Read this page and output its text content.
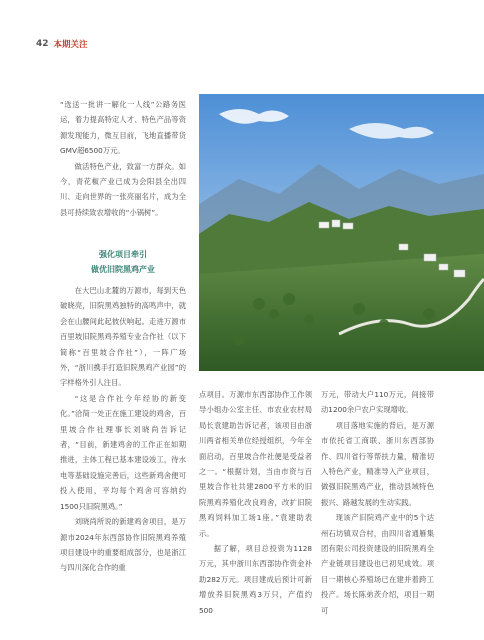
42 本期关注

“选送一批讲一解化一人线”公路务医运，着力提高特定人才、特色产品等资源发现能力，微互目前，飞地直播带货GMV超6500万元。

做活特色产业，致富一方群众。如今，青花椒产业已成为会阳县全出四川、走向世界的一张亮丽名片，成为全县可持续致农增收的“小锅树”。

强化项目牵引
做优旧院黑鸡产业

在大巴山北麓的万源市，每到天色破晓亮，旧院黑鸡独特的高鸣声中，就会在山腰间此起彼伏响起。走进万源市百里坡旧院黑鸡养殖专业合作社（以下简称“百里坡合作社”），一阵广场外，“浙川携手打造旧院黑鸡产业园”的字样格外引人注目。

“这是合作社今年经协的新变化。”洽简一处正在施工建设的鸡舍，百里坡合作社理事长刘晓尚告诉记者，“目前，新建鸡舍的工作正在如期推进，主体工程已基本建设竣工，待水电等基础设施完善后，这些新鸡舍便可投入使用，平均每个鸡舍可容纳约1500只旧院黑鸡。”

刘晓尚所说的新建鸡舍项目，是万源市2024年东西部协作旧院黑鸡养殖项目建设中的重要组成部分，也是浙江与四川深化合作的重

点项目。万源市东西部协作工作领导小组办公室主任、市农业农村局局长袁建助告诉记者，该项目由浙川两省相关单位经授组织，今年全面启动，百里坡合作社便是受益者之一。“根据计划，当由市资与百里坡合作社共建2800平方米的旧院黑鸡养殖化改良鸡舍，改扩旧院黑鸡饲料加工场1座。”袁建助表示。

据了解，项目总投资为1128万元，其中浙川东西部协作资金补助282万元。项目建成后预计可新增放养旧院黑鸡3万只，产值约500

万元，带动大户110万元，间接带动1200余户农户实现增收。

项目落地实施的背后，是万源市依托省工商联、浙川东西部协作、四川省行等帮扶力量，精准切入特色产业，精准导入产业项目，做强旧院黑鸡产业，推动县域特色振兴、路越发展的生动实践。

现该产旧院鸡产业中的5个达州石坊镇双合村，由四川省通雁集团有限公司投资建设的旧院黑鸡全产业链项目建设也已初见成效。项目一期核心养殖场已在建并着跨工投产。场长陈弟茨介绍，项目一期可
